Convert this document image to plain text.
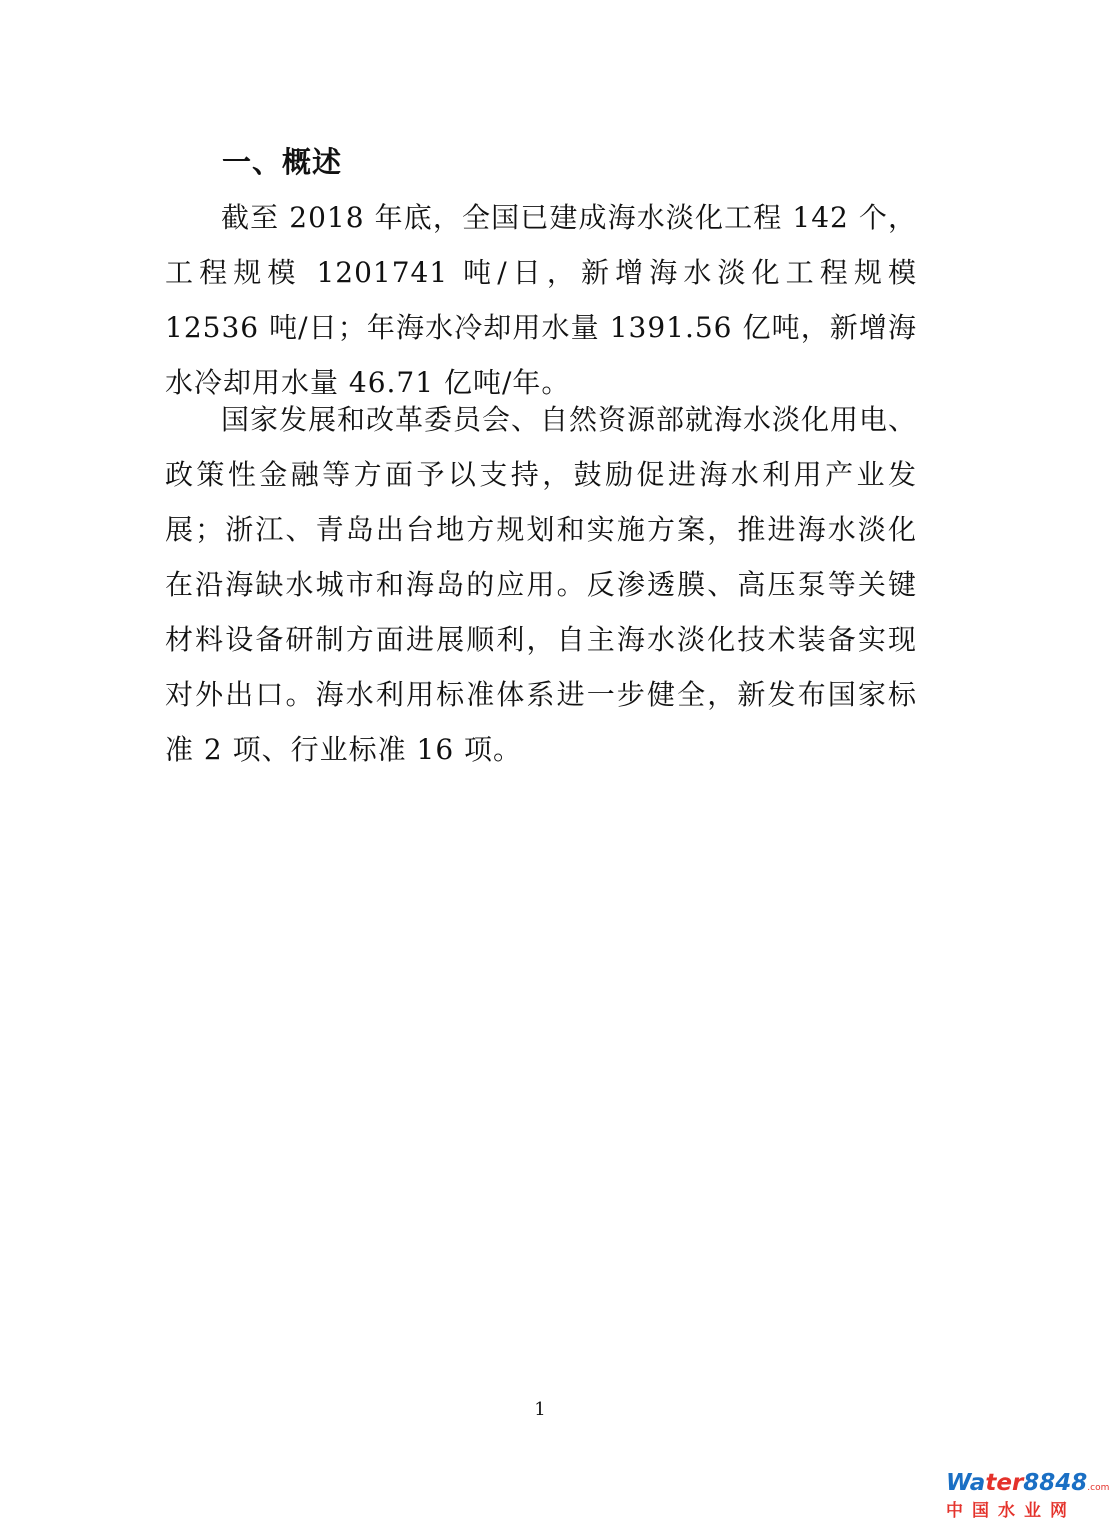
一、概述

截至 2018 年底，全国已建成海水淡化工程 142 个，工程规模 1201741 吨/日，新增海水淡化工程规模 12536 吨/日；年海水冷却用水量 1391.56 亿吨，新增海水冷却用水量 46.71 亿吨/年。

国家发展和改革委员会、自然资源部就海水淡化用电、政策性金融等方面予以支持，鼓励促进海水利用产业发展；浙江、青岛出台地方规划和实施方案，推进海水淡化在沿海缺水城市和海岛的应用。反渗透膜、高压泵等关键材料设备研制方面进展顺利，自主海水淡化技术装备实现对外出口。海水利用标准体系进一步健全，新发布国家标准 2 项、行业标准 16 项。

1
Water8848.com
中国水业网
